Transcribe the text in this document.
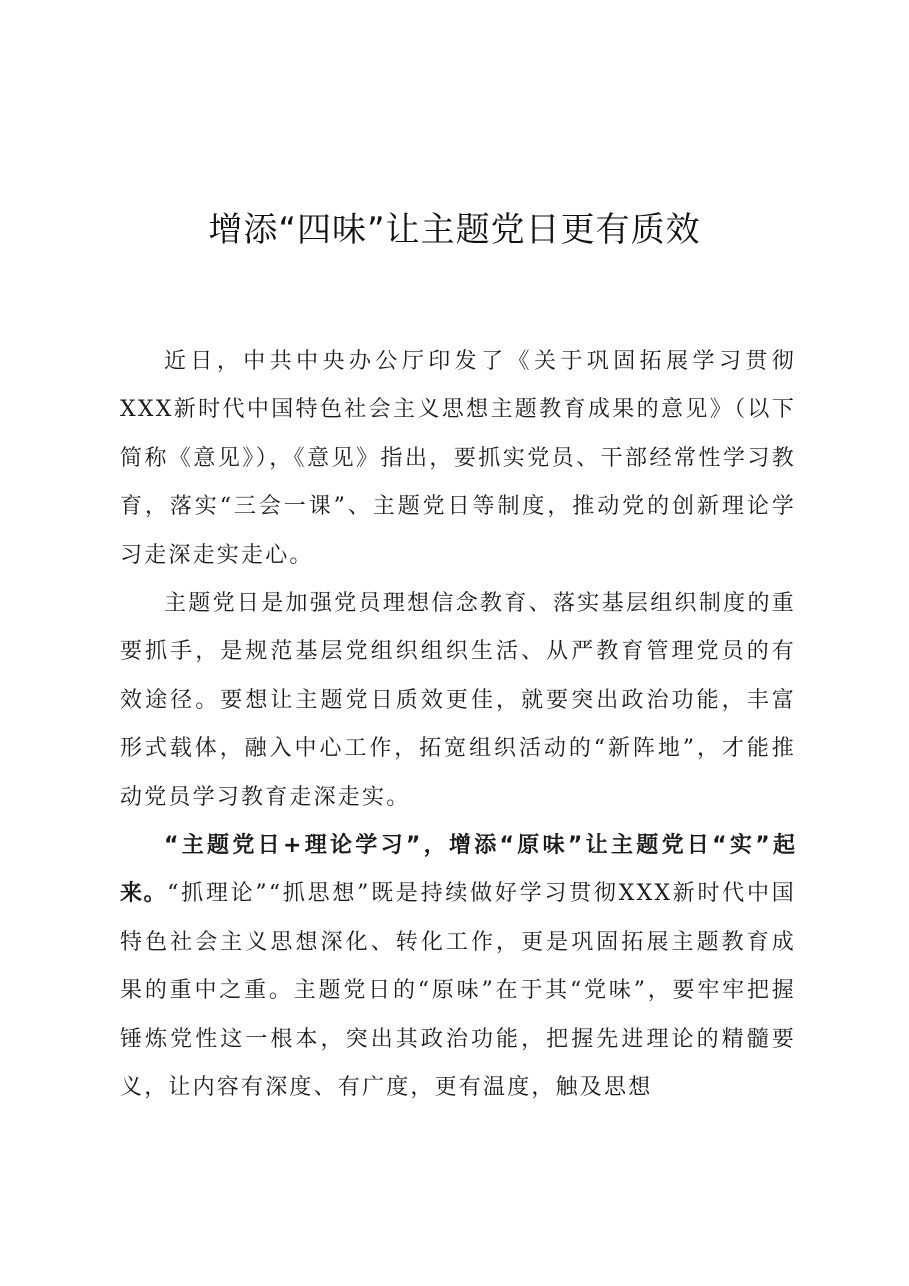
增添“四味”让主题党日更有质效

近日，中共中央办公厅印发了《关于巩固拓展学习贯彻XXX新时代中国特色社会主义思想主题教育成果的意见》（以下简称《意见》），《意见》指出，要抓实党员、干部经常性学习教育，落实“三会一课”、主题党日等制度，推动党的创新理论学习走深走实走心。

主题党日是加强党员理想信念教育、落实基层组织制度的重要抓手，是规范基层党组织组织生活、从严教育管理党员的有效途径。要想让主题党日质效更佳，就要突出政治功能，丰富形式载体，融入中心工作，拓宽组织活动的“新阵地”，才能推动党员学习教育走深走实。

“主题党日+理论学习”，增添“原味”让主题党日“实”起来。“抓理论”“抓思想”既是持续做好学习贯彻XXX新时代中国特色社会主义思想深化、转化工作，更是巩固拓展主题教育成果的重中之重。主题党日的“原味”在于其“党味”，要牢牢把握锤炼党性这一根本，突出其政治功能，把握先进理论的精髓要义，让内容有深度、有广度，更有温度，触及思想
